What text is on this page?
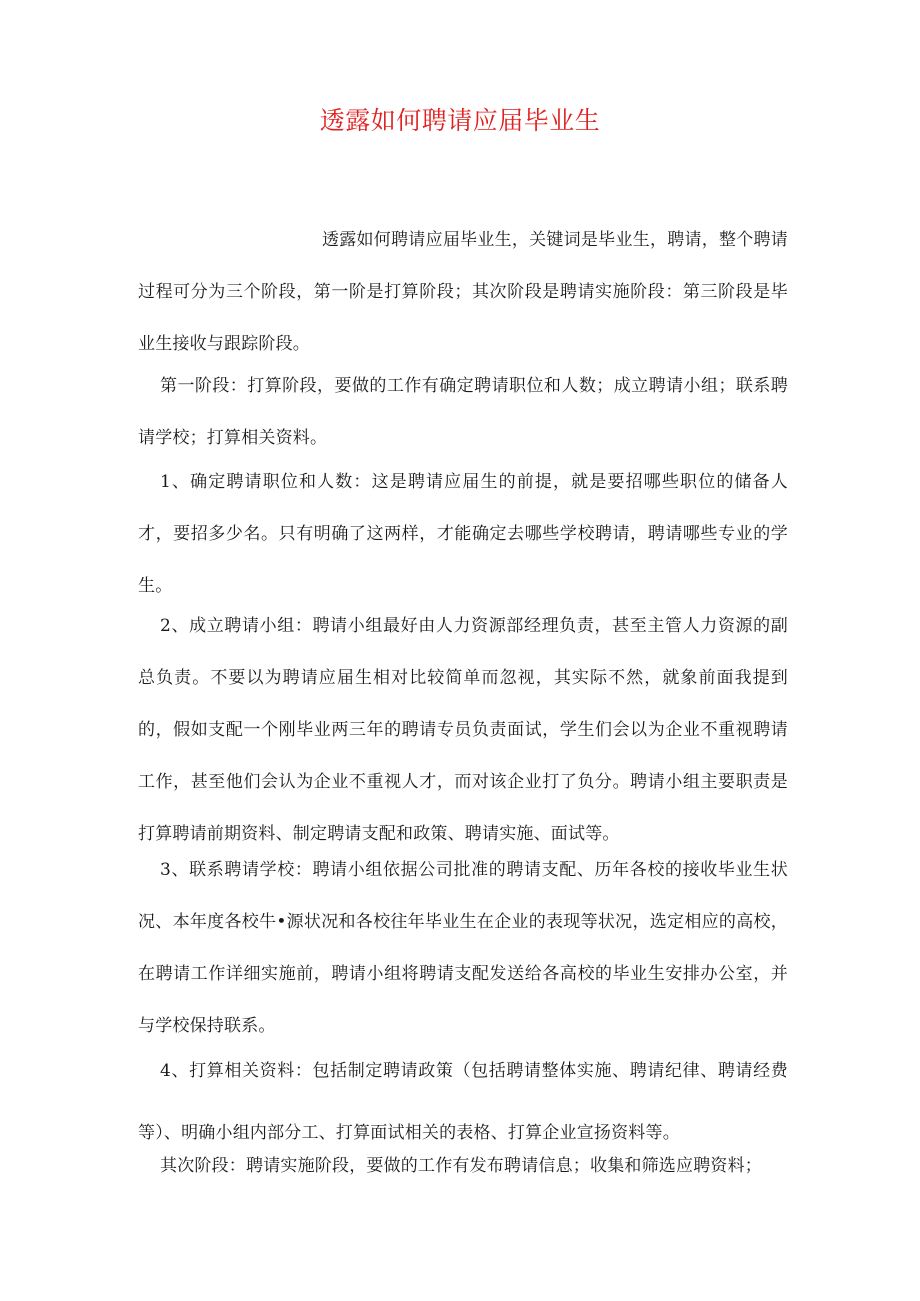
透露如何聘请应届毕业生

透露如何聘请应届毕业生，关键词是毕业生，聘请，整个聘请过程可分为三个阶段，第一阶是打算阶段；其次阶段是聘请实施阶段：第三阶段是毕业生接收与跟踪阶段。

第一阶段：打算阶段，要做的工作有确定聘请职位和人数；成立聘请小组；联系聘请学校；打算相关资料。

1、确定聘请职位和人数：这是聘请应届生的前提，就是要招哪些职位的储备人才，要招多少名。只有明确了这两样，才能确定去哪些学校聘请，聘请哪些专业的学生。

2、成立聘请小组：聘请小组最好由人力资源部经理负责，甚至主管人力资源的副总负责。不要以为聘请应届生相对比较简单而忽视，其实际不然，就象前面我提到的，假如支配一个刚毕业两三年的聘请专员负责面试，学生们会以为企业不重视聘请工作，甚至他们会认为企业不重视人才，而对该企业打了负分。聘请小组主要职责是打算聘请前期资料、制定聘请支配和政策、聘请实施、面试等。

3、联系聘请学校：聘请小组依据公司批准的聘请支配、历年各校的接收毕业生状况、本年度各校牛•源状况和各校往年毕业生在企业的表现等状况，选定相应的高校，在聘请工作详细实施前，聘请小组将聘请支配发送给各高校的毕业生安排办公室，并与学校保持联系。

4、打算相关资料：包括制定聘请政策（包括聘请整体实施、聘请纪律、聘请经费等）、明确小组内部分工、打算面试相关的表格、打算企业宣扬资料等。

其次阶段：聘请实施阶段，要做的工作有发布聘请信息；收集和筛选应聘资料；
